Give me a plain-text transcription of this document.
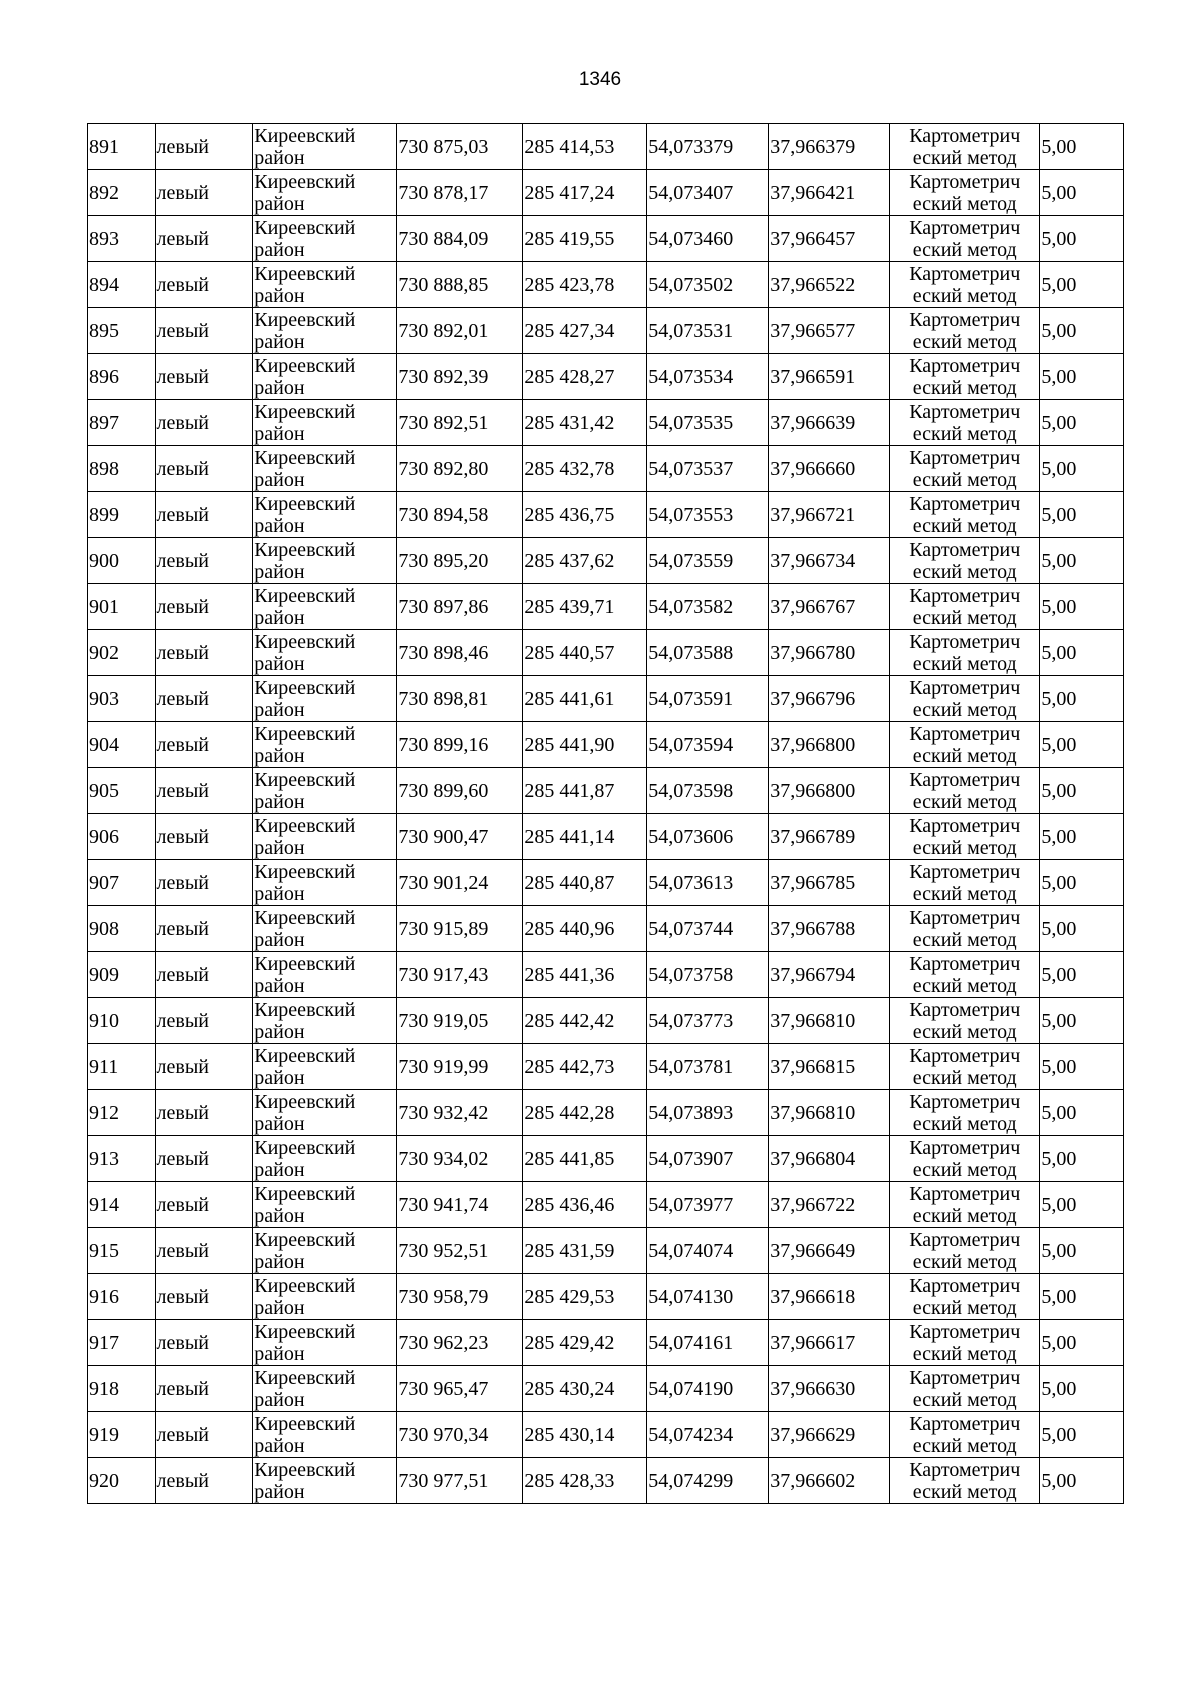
1346
891	левый	Киреевский район	730 875,03	285 414,53	54,073379	37,966379	Картометрич еский метод	5,00
892	левый	Киреевский район	730 878,17	285 417,24	54,073407	37,966421	Картометрич еский метод	5,00
893	левый	Киреевский район	730 884,09	285 419,55	54,073460	37,966457	Картометрич еский метод	5,00
894	левый	Киреевский район	730 888,85	285 423,78	54,073502	37,966522	Картометрич еский метод	5,00
895	левый	Киреевский район	730 892,01	285 427,34	54,073531	37,966577	Картометрич еский метод	5,00
896	левый	Киреевский район	730 892,39	285 428,27	54,073534	37,966591	Картометрич еский метод	5,00
897	левый	Киреевский район	730 892,51	285 431,42	54,073535	37,966639	Картометрич еский метод	5,00
898	левый	Киреевский район	730 892,80	285 432,78	54,073537	37,966660	Картометрич еский метод	5,00
899	левый	Киреевский район	730 894,58	285 436,75	54,073553	37,966721	Картометрич еский метод	5,00
900	левый	Киреевский район	730 895,20	285 437,62	54,073559	37,966734	Картометрич еский метод	5,00
901	левый	Киреевский район	730 897,86	285 439,71	54,073582	37,966767	Картометрич еский метод	5,00
902	левый	Киреевский район	730 898,46	285 440,57	54,073588	37,966780	Картометрич еский метод	5,00
903	левый	Киреевский район	730 898,81	285 441,61	54,073591	37,966796	Картометрич еский метод	5,00
904	левый	Киреевский район	730 899,16	285 441,90	54,073594	37,966800	Картометрич еский метод	5,00
905	левый	Киреевский район	730 899,60	285 441,87	54,073598	37,966800	Картометрич еский метод	5,00
906	левый	Киреевский район	730 900,47	285 441,14	54,073606	37,966789	Картометрич еский метод	5,00
907	левый	Киреевский район	730 901,24	285 440,87	54,073613	37,966785	Картометрич еский метод	5,00
908	левый	Киреевский район	730 915,89	285 440,96	54,073744	37,966788	Картометрич еский метод	5,00
909	левый	Киреевский район	730 917,43	285 441,36	54,073758	37,966794	Картометрич еский метод	5,00
910	левый	Киреевский район	730 919,05	285 442,42	54,073773	37,966810	Картометрич еский метод	5,00
911	левый	Киреевский район	730 919,99	285 442,73	54,073781	37,966815	Картометрич еский метод	5,00
912	левый	Киреевский район	730 932,42	285 442,28	54,073893	37,966810	Картометрич еский метод	5,00
913	левый	Киреевский район	730 934,02	285 441,85	54,073907	37,966804	Картометрич еский метод	5,00
914	левый	Киреевский район	730 941,74	285 436,46	54,073977	37,966722	Картометрич еский метод	5,00
915	левый	Киреевский район	730 952,51	285 431,59	54,074074	37,966649	Картометрич еский метод	5,00
916	левый	Киреевский район	730 958,79	285 429,53	54,074130	37,966618	Картометрич еский метод	5,00
917	левый	Киреевский район	730 962,23	285 429,42	54,074161	37,966617	Картометрич еский метод	5,00
918	левый	Киреевский район	730 965,47	285 430,24	54,074190	37,966630	Картометрич еский метод	5,00
919	левый	Киреевский район	730 970,34	285 430,14	54,074234	37,966629	Картометрич еский метод	5,00
920	левый	Киреевский район	730 977,51	285 428,33	54,074299	37,966602	Картометрич еский метод	5,00
